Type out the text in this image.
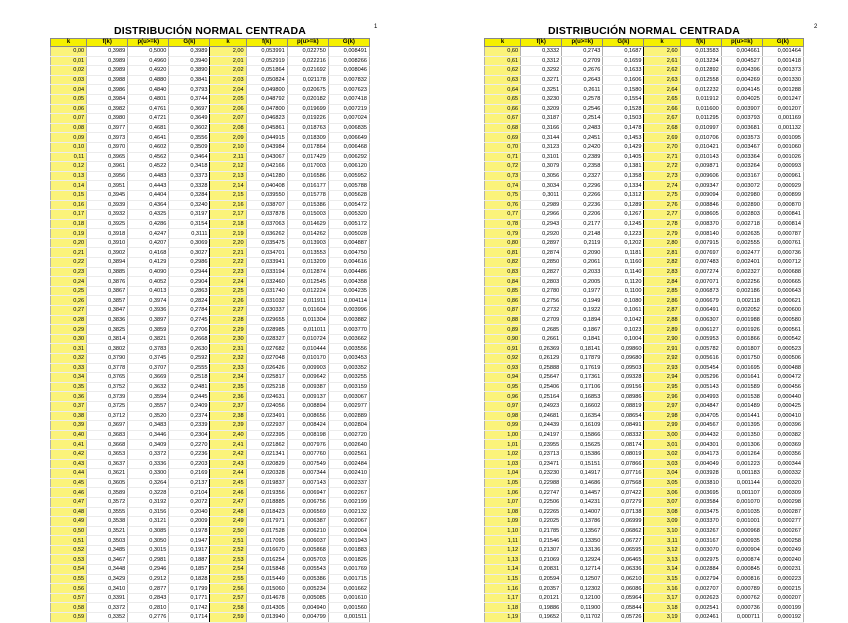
DISTRIBUCIÓN NORMAL CENTRADA	1
k	f(k)	p(u>=k)	G(k)	k	f(k)	p(u>=k)	G(k)
0,00	0,3989	0,5000	0,3989	2,00	0,053991	0,022750	0,008491
0,01	0,3989	0,4960	0,3940	2,01	0,052919	0,022216	0,008266
0,02	0,3989	0,4920	0,3890	2,02	0,051864	0,021692	0,008046
0,03	0,3988	0,4880	0,3841	2,03	0,050824	0,021178	0,007832
0,04	0,3986	0,4840	0,3793	2,04	0,049800	0,020675	0,007623
0,05	0,3984	0,4801	0,3744	2,05	0,048792	0,020182	0,007418
0,06	0,3982	0,4761	0,3697	2,06	0,047800	0,019699	0,007219
0,07	0,3980	0,4721	0,3649	2,07	0,046823	0,019226	0,007024
0,08	0,3977	0,4681	0,3602	2,08	0,045861	0,018763	0,006835
0,09	0,3973	0,4641	0,3556	2,09	0,044915	0,018309	0,006649
0,10	0,3970	0,4602	0,3509	2,10	0,043984	0,017864	0,006468
0,11	0,3965	0,4562	0,3464	2,11	0,043067	0,017429	0,006292
0,12	0,3961	0,4522	0,3418	2,12	0,042166	0,017003	0,006120
0,13	0,3956	0,4483	0,3373	2,13	0,041280	0,016586	0,005952
0,14	0,3951	0,4443	0,3328	2,14	0,040408	0,016177	0,005788
0,15	0,3945	0,4404	0,3284	2,15	0,039550	0,015778	0,005628
0,16	0,3939	0,4364	0,3240	2,16	0,038707	0,015386	0,005472
0,17	0,3932	0,4325	0,3197	2,17	0,037878	0,015003	0,005320
0,18	0,3925	0,4286	0,3154	2,18	0,037063	0,014629	0,005172
0,19	0,3918	0,4247	0,3111	2,19	0,036262	0,014262	0,005028
0,20	0,3910	0,4207	0,3069	2,20	0,035475	0,013903	0,004887
0,21	0,3902	0,4168	0,3027	2,21	0,034701	0,013553	0,004750
0,22	0,3894	0,4129	0,2986	2,22	0,033941	0,013209	0,004616
0,23	0,3885	0,4090	0,2944	2,23	0,033194	0,012874	0,004486
0,24	0,3876	0,4052	0,2904	2,24	0,032460	0,012545	0,004358
0,25	0,3867	0,4013	0,2863	2,25	0,031740	0,012224	0,004235
0,26	0,3857	0,3974	0,2824	2,26	0,031032	0,011911	0,004114
0,27	0,3847	0,3936	0,2784	2,27	0,030337	0,011604	0,003996
0,28	0,3836	0,3897	0,2745	2,28	0,029655	0,011304	0,003882
0,29	0,3825	0,3859	0,2706	2,29	0,028985	0,011011	0,003770
0,30	0,3814	0,3821	0,2668	2,30	0,028327	0,010724	0,003662
0,31	0,3802	0,3783	0,2630	2,31	0,027682	0,010444	0,003556
0,32	0,3790	0,3745	0,2592	2,32	0,027048	0,010170	0,003453
0,33	0,3778	0,3707	0,2555	2,33	0,026426	0,009903	0,003352
0,34	0,3765	0,3669	0,2518	2,34	0,025817	0,009642	0,003255
0,35	0,3752	0,3632	0,2481	2,35	0,025218	0,009387	0,003159
0,36	0,3739	0,3594	0,2445	2,36	0,024631	0,009137	0,003067
0,37	0,3725	0,3557	0,2409	2,37	0,024056	0,008894	0,002977
0,38	0,3712	0,3520	0,2374	2,38	0,023491	0,008656	0,002889
0,39	0,3697	0,3483	0,2339	2,39	0,022937	0,008424	0,002804
0,40	0,3683	0,3446	0,2304	2,40	0,022395	0,008198	0,002720
0,41	0,3668	0,3409	0,2270	2,41	0,021862	0,007976	0,002640
0,42	0,3653	0,3372	0,2236	2,42	0,021341	0,007760	0,002561
0,43	0,3637	0,3336	0,2203	2,43	0,020829	0,007549	0,002484
0,44	0,3621	0,3300	0,2169	2,44	0,020328	0,007344	0,002410
0,45	0,3605	0,3264	0,2137	2,45	0,019837	0,007143	0,002337
0,46	0,3589	0,3228	0,2104	2,46	0,019356	0,006947	0,002267
0,47	0,3572	0,3192	0,2072	2,47	0,018885	0,006756	0,002199
0,48	0,3555	0,3156	0,2040	2,48	0,018423	0,006569	0,002132
0,49	0,3538	0,3121	0,2009	2,49	0,017971	0,006387	0,002067
0,50	0,3521	0,3085	0,1978	2,50	0,017528	0,006210	0,002004
0,51	0,3503	0,3050	0,1947	2,51	0,017095	0,006037	0,001943
0,52	0,3485	0,3015	0,1917	2,52	0,016670	0,005868	0,001883
0,53	0,3467	0,2981	0,1887	2,53	0,016254	0,005703	0,001826
0,54	0,3448	0,2946	0,1857	2,54	0,015848	0,005543	0,001769
0,55	0,3429	0,2912	0,1828	2,55	0,015449	0,005386	0,001715
0,56	0,3410	0,2877	0,1799	2,56	0,015060	0,005234	0,001662
0,57	0,3391	0,2843	0,1771	2,57	0,014678	0,005085	0,001610
0,58	0,3372	0,2810	0,1742	2,58	0,014305	0,004940	0,001560
0,59	0,3352	0,2776	0,1714	2,59	0,013940	0,004799	0,001511
DISTRIBUCIÓN NORMAL CENTRADA	2
k	f(k)	p(u>=k)	G(k)	k	f(k)	p(u>=k)	G(k)
0,60	0,3332	0,2743	0,1687	2,60	0,013583	0,004661	0,001464
0,61	0,3312	0,2709	0,1659	2,61	0,013234	0,004527	0,001418
0,62	0,3292	0,2676	0,1633	2,62	0,012892	0,004396	0,001373
0,63	0,3271	0,2643	0,1606	2,63	0,012558	0,004269	0,001330
0,64	0,3251	0,2611	0,1580	2,64	0,012232	0,004145	0,001288
0,65	0,3230	0,2578	0,1554	2,65	0,011912	0,004025	0,001247
0,66	0,3209	0,2546	0,1528	2,66	0,011600	0,003907	0,001207
0,67	0,3187	0,2514	0,1503	2,67	0,011295	0,003793	0,001169
0,68	0,3166	0,2483	0,1478	2,68	0,010997	0,003681	0,001132
0,69	0,3144	0,2451	0,1453	2,69	0,010706	0,003573	0,001095
0,70	0,3123	0,2420	0,1429	2,70	0,010421	0,003467	0,001060
0,71	0,3101	0,2389	0,1405	2,71	0,010143	0,003364	0,001026
0,72	0,3079	0,2358	0,1381	2,72	0,009871	0,003264	0,000993
0,73	0,3056	0,2327	0,1358	2,73	0,009606	0,003167	0,000961
0,74	0,3034	0,2296	0,1334	2,74	0,009347	0,003072	0,000929
0,75	0,3011	0,2266	0,1312	2,75	0,009094	0,002980	0,000899
0,76	0,2989	0,2236	0,1289	2,76	0,008846	0,002890	0,000870
0,77	0,2966	0,2206	0,1267	2,77	0,008605	0,002803	0,000841
0,78	0,2943	0,2177	0,1245	2,78	0,008370	0,002718	0,000814
0,79	0,2920	0,2148	0,1223	2,79	0,008140	0,002635	0,000787
0,80	0,2897	0,2119	0,1202	2,80	0,007915	0,002555	0,000761
0,81	0,2874	0,2090	0,1181	2,81	0,007697	0,002477	0,000736
0,82	0,2850	0,2061	0,1160	2,82	0,007483	0,002401	0,000712
0,83	0,2827	0,2033	0,1140	2,83	0,007274	0,002327	0,000688
0,84	0,2803	0,2005	0,1120	2,84	0,007071	0,002256	0,000665
0,85	0,2780	0,1977	0,1100	2,85	0,006873	0,002186	0,000643
0,86	0,2756	0,1949	0,1080	2,86	0,006679	0,002118	0,000621
0,87	0,2732	0,1922	0,1061	2,87	0,006491	0,002052	0,000600
0,88	0,2709	0,1894	0,1042	2,88	0,006307	0,001988	0,000580
0,89	0,2685	0,1867	0,1023	2,89	0,006127	0,001926	0,000561
0,90	0,2661	0,1841	0,1004	2,90	0,005953	0,001866	0,000542
0,91	0,26369	0,18141	0,09860	2,91	0,005782	0,001807	0,000523
0,92	0,26129	0,17879	0,09680	2,92	0,005616	0,001750	0,000506
0,93	0,25888	0,17619	0,09503	2,93	0,005454	0,001695	0,000488
0,94	0,25647	0,17361	0,09328	2,94	0,005296	0,001641	0,000472
0,95	0,25406	0,17106	0,09156	2,95	0,005143	0,001589	0,000456
0,96	0,25164	0,16853	0,08986	2,96	0,004993	0,001538	0,000440
0,97	0,24923	0,16602	0,08819	2,97	0,004847	0,001489	0,000425
0,98	0,24681	0,16354	0,08654	2,98	0,004705	0,001441	0,000410
0,99	0,24439	0,16109	0,08491	2,99	0,004567	0,001395	0,000396
1,00	0,24197	0,15866	0,08332	3,00	0,004432	0,001350	0,000382
1,01	0,23955	0,15625	0,08174	3,01	0,004301	0,001306	0,000369
1,02	0,23713	0,15386	0,08019	3,02	0,004173	0,001264	0,000356
1,03	0,23471	0,15151	0,07866	3,03	0,004049	0,001223	0,000344
1,04	0,23230	0,14917	0,07716	3,04	0,003928	0,001183	0,000332
1,05	0,22988	0,14686	0,07568	3,05	0,003810	0,001144	0,000320
1,06	0,22747	0,14457	0,07422	3,06	0,003695	0,001107	0,000309
1,07	0,22506	0,14231	0,07279	3,07	0,003584	0,001070	0,000298
1,08	0,22265	0,14007	0,07138	3,08	0,003475	0,001035	0,000287
1,09	0,22025	0,13786	0,06999	3,09	0,003370	0,001001	0,000277
1,10	0,21785	0,13567	0,06862	3,10	0,003267	0,000968	0,000267
1,11	0,21546	0,13350	0,06727	3,11	0,003167	0,000935	0,000258
1,12	0,21307	0,13136	0,06595	3,12	0,003070	0,000904	0,000249
1,13	0,21069	0,12924	0,06465	3,13	0,002975	0,000874	0,000240
1,14	0,20831	0,12714	0,06336	3,14	0,002884	0,000845	0,000231
1,15	0,20594	0,12507	0,06210	3,15	0,002794	0,000816	0,000223
1,16	0,20357	0,12302	0,06086	3,16	0,002707	0,000789	0,000215
1,17	0,20121	0,12100	0,05964	3,17	0,002623	0,000762	0,000207
1,18	0,19886	0,11900	0,05844	3,18	0,002541	0,000736	0,000199
1,19	0,19652	0,11702	0,05726	3,19	0,002461	0,000711	0,000192
